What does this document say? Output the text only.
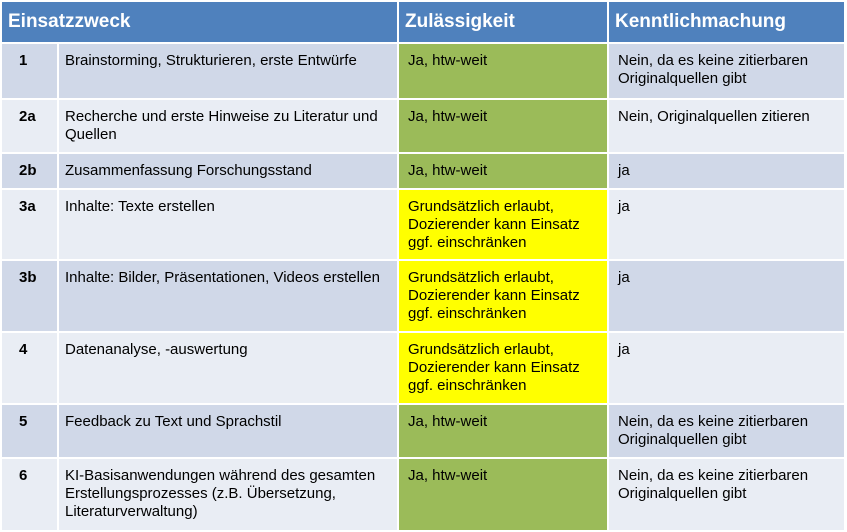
Einsatzzweck		Zulässigkeit	Kenntlichmachung
1	Brainstorming, Strukturieren, erste Entwürfe	Ja, htw-weit	Nein, da es keine zitierbaren
Originalquellen gibt
2a	Recherche und erste Hinweise zu Literatur und
Quellen	Ja, htw-weit	Nein, Originalquellen zitieren
2b	Zusammenfassung Forschungsstand	Ja, htw-weit	ja
3a	Inhalte: Texte erstellen	Grundsätzlich erlaubt,
Dozierender kann Einsatz
ggf. einschränken	ja
3b	Inhalte: Bilder, Präsentationen, Videos erstellen	Grundsätzlich erlaubt,
Dozierender kann Einsatz
ggf. einschränken	ja
4	Datenanalyse, -auswertung	Grundsätzlich erlaubt,
Dozierender kann Einsatz
ggf. einschränken	ja
5	Feedback zu Text und Sprachstil	Ja, htw-weit	Nein, da es keine zitierbaren
Originalquellen gibt
6	KI-Basisanwendungen während des gesamten
Erstellungsprozesses (z.B. Übersetzung,
Literaturverwaltung)	Ja, htw-weit	Nein, da es keine zitierbaren
Originalquellen gibt
